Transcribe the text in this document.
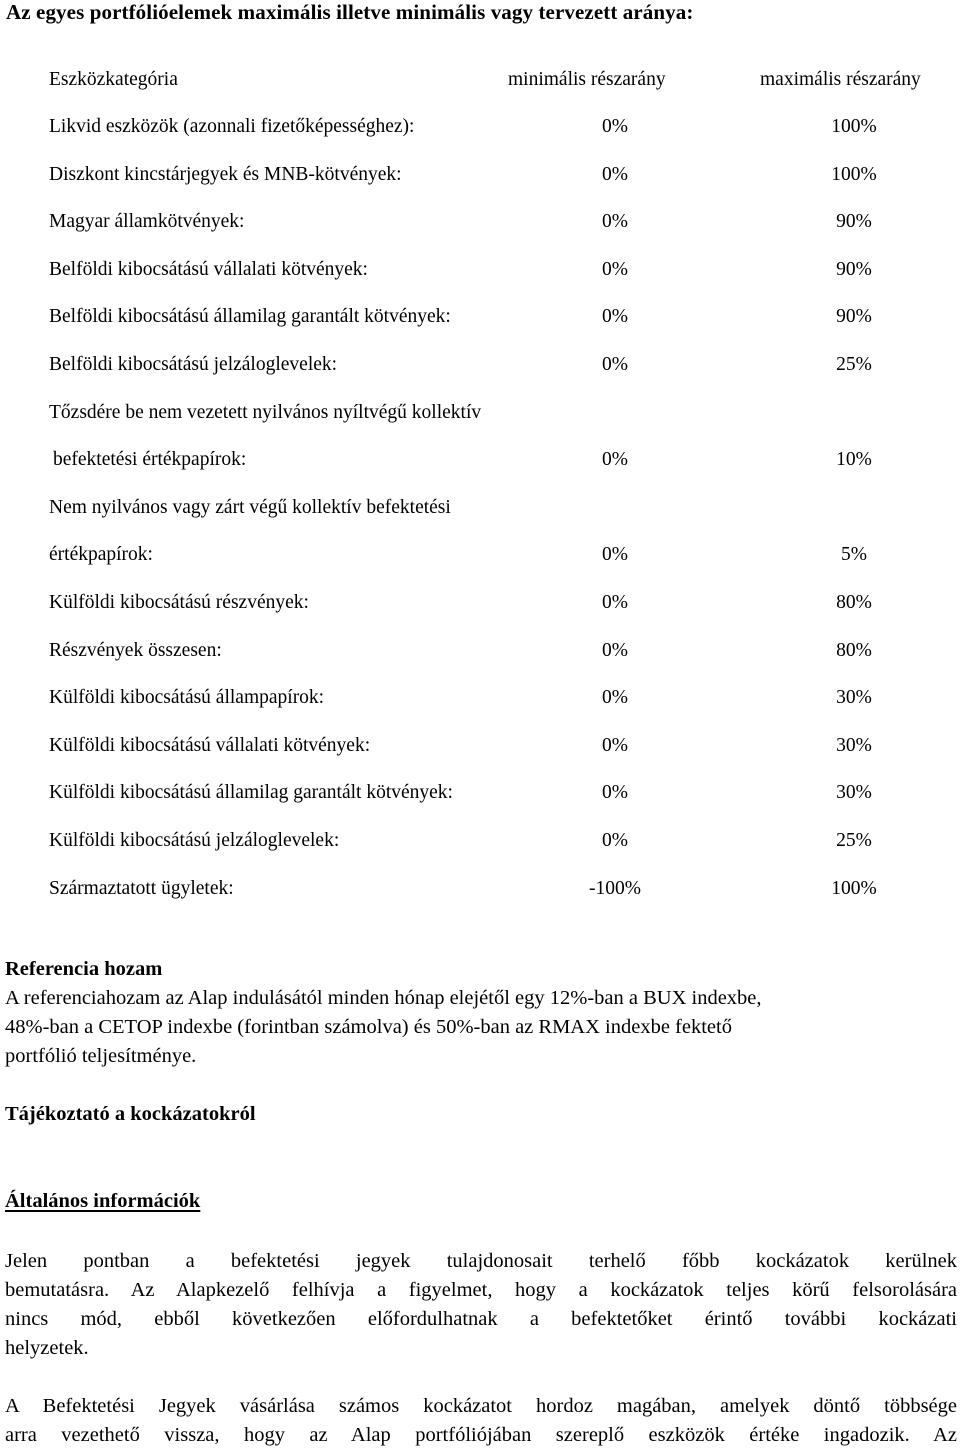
Az egyes portfólióelemek maximális illetve minimális vagy tervezett aránya:
Eszközkategória	minimális részarány	maximális részarány
Likvid eszközök (azonnali fizetőképességhez):	0%	100%
Diszkont kincstárjegyek és MNB-kötvények:	0%	100%
Magyar államkötvények:	0%	90%
Belföldi kibocsátású vállalati kötvények:	0%	90%
Belföldi kibocsátású államilag garantált kötvények:	0%	90%
Belföldi kibocsátású jelzáloglevelek:	0%	25%
Tőzsdére be nem vezetett nyilvános nyíltvégű kollektív
befektetési értékpapírok:	0%	10%
Nem nyilvános vagy zárt végű kollektív befektetési
értékpapírok:	0%	5%
Külföldi kibocsátású részvények:	0%	80%
Részvények összesen:	0%	80%
Külföldi kibocsátású állampapírok:	0%	30%
Külföldi kibocsátású vállalati kötvények:	0%	30%
Külföldi kibocsátású államilag garantált kötvények:	0%	30%
Külföldi kibocsátású jelzáloglevelek:	0%	25%
Származtatott ügyletek:	-100%	100%
Referencia hozam
A referenciahozam az Alap indulásától minden hónap elejétől egy 12%-ban a BUX indexbe,
48%-ban a CETOP indexbe (forintban számolva) és 50%-ban az RMAX indexbe fektető
portfólió teljesítménye.
Tájékoztató a kockázatokról
Általános információk
Jelen pontban a befektetési jegyek tulajdonosait terhelő főbb kockázatok kerülnek
bemutatásra. Az Alapkezelő felhívja a figyelmet, hogy a kockázatok teljes körű felsorolására
nincs mód, ebből következően előfordulhatnak a befektetőket érintő további kockázati
helyzetek.
A Befektetési Jegyek vásárlása számos kockázatot hordoz magában, amelyek döntő többsége
arra vezethető vissza, hogy az Alap portfóliójában szereplő eszközök értéke ingadozik. Az
